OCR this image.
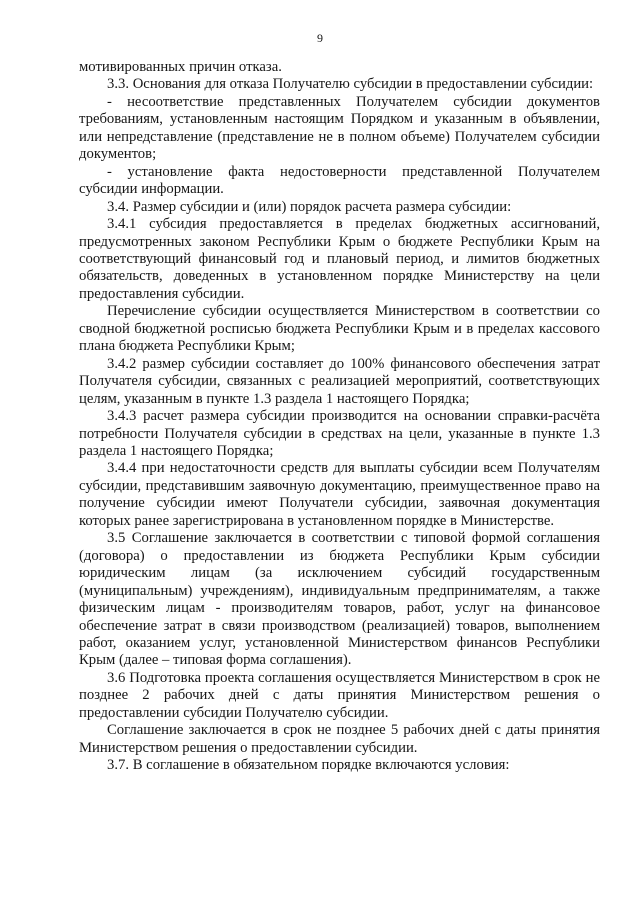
9

мотивированных причин отказа.

3.3. Основания для отказа Получателю субсидии в предоставлении субсидии:

- несоответствие представленных Получателем субсидии документов требованиям, установленным настоящим Порядком и указанным в объявлении, или непредставление (представление не в полном объеме) Получателем субсидии документов;

- установление факта недостоверности представленной Получателем субсидии информации.

3.4. Размер субсидии и (или) порядок расчета размера субсидии:

3.4.1 субсидия предоставляется в пределах бюджетных ассигнований, предусмотренных законом Республики Крым о бюджете Республики Крым на соответствующий финансовый год и плановый период, и лимитов бюджетных обязательств, доведенных в установленном порядке Министерству на цели предоставления субсидии.

Перечисление субсидии осуществляется Министерством в соответствии со сводной бюджетной росписью бюджета Республики Крым и в пределах кассового плана бюджета Республики Крым;

3.4.2 размер субсидии составляет до 100% финансового обеспечения затрат Получателя субсидии, связанных с реализацией мероприятий, соответствующих целям, указанным в пункте 1.3 раздела 1 настоящего Порядка;

3.4.3 расчет размера субсидии производится на основании справки-расчёта потребности Получателя субсидии в средствах на цели, указанные в пункте 1.3 раздела 1 настоящего Порядка;

3.4.4 при недостаточности средств для выплаты субсидии всем Получателям субсидии, представившим заявочную документацию, преимущественное право на получение субсидии имеют Получатели субсидии, заявочная документация которых ранее зарегистрирована в установленном порядке в Министерстве.

3.5 Соглашение заключается в соответствии с типовой формой соглашения (договора) о предоставлении из бюджета Республики Крым субсидии юридическим лицам (за исключением субсидий государственным (муниципальным) учреждениям), индивидуальным предпринимателям, а также физическим лицам - производителям товаров, работ, услуг на финансовое обеспечение затрат в связи производством (реализацией) товаров, выполнением работ, оказанием услуг, установленной Министерством финансов Республики Крым (далее – типовая форма соглашения).

3.6 Подготовка проекта соглашения осуществляется Министерством в срок не позднее 2 рабочих дней с даты принятия Министерством решения о предоставлении субсидии Получателю субсидии.

Соглашение заключается в срок не позднее 5 рабочих дней с даты принятия Министерством решения о предоставлении субсидии.

3.7. В соглашение в обязательном порядке включаются условия:
